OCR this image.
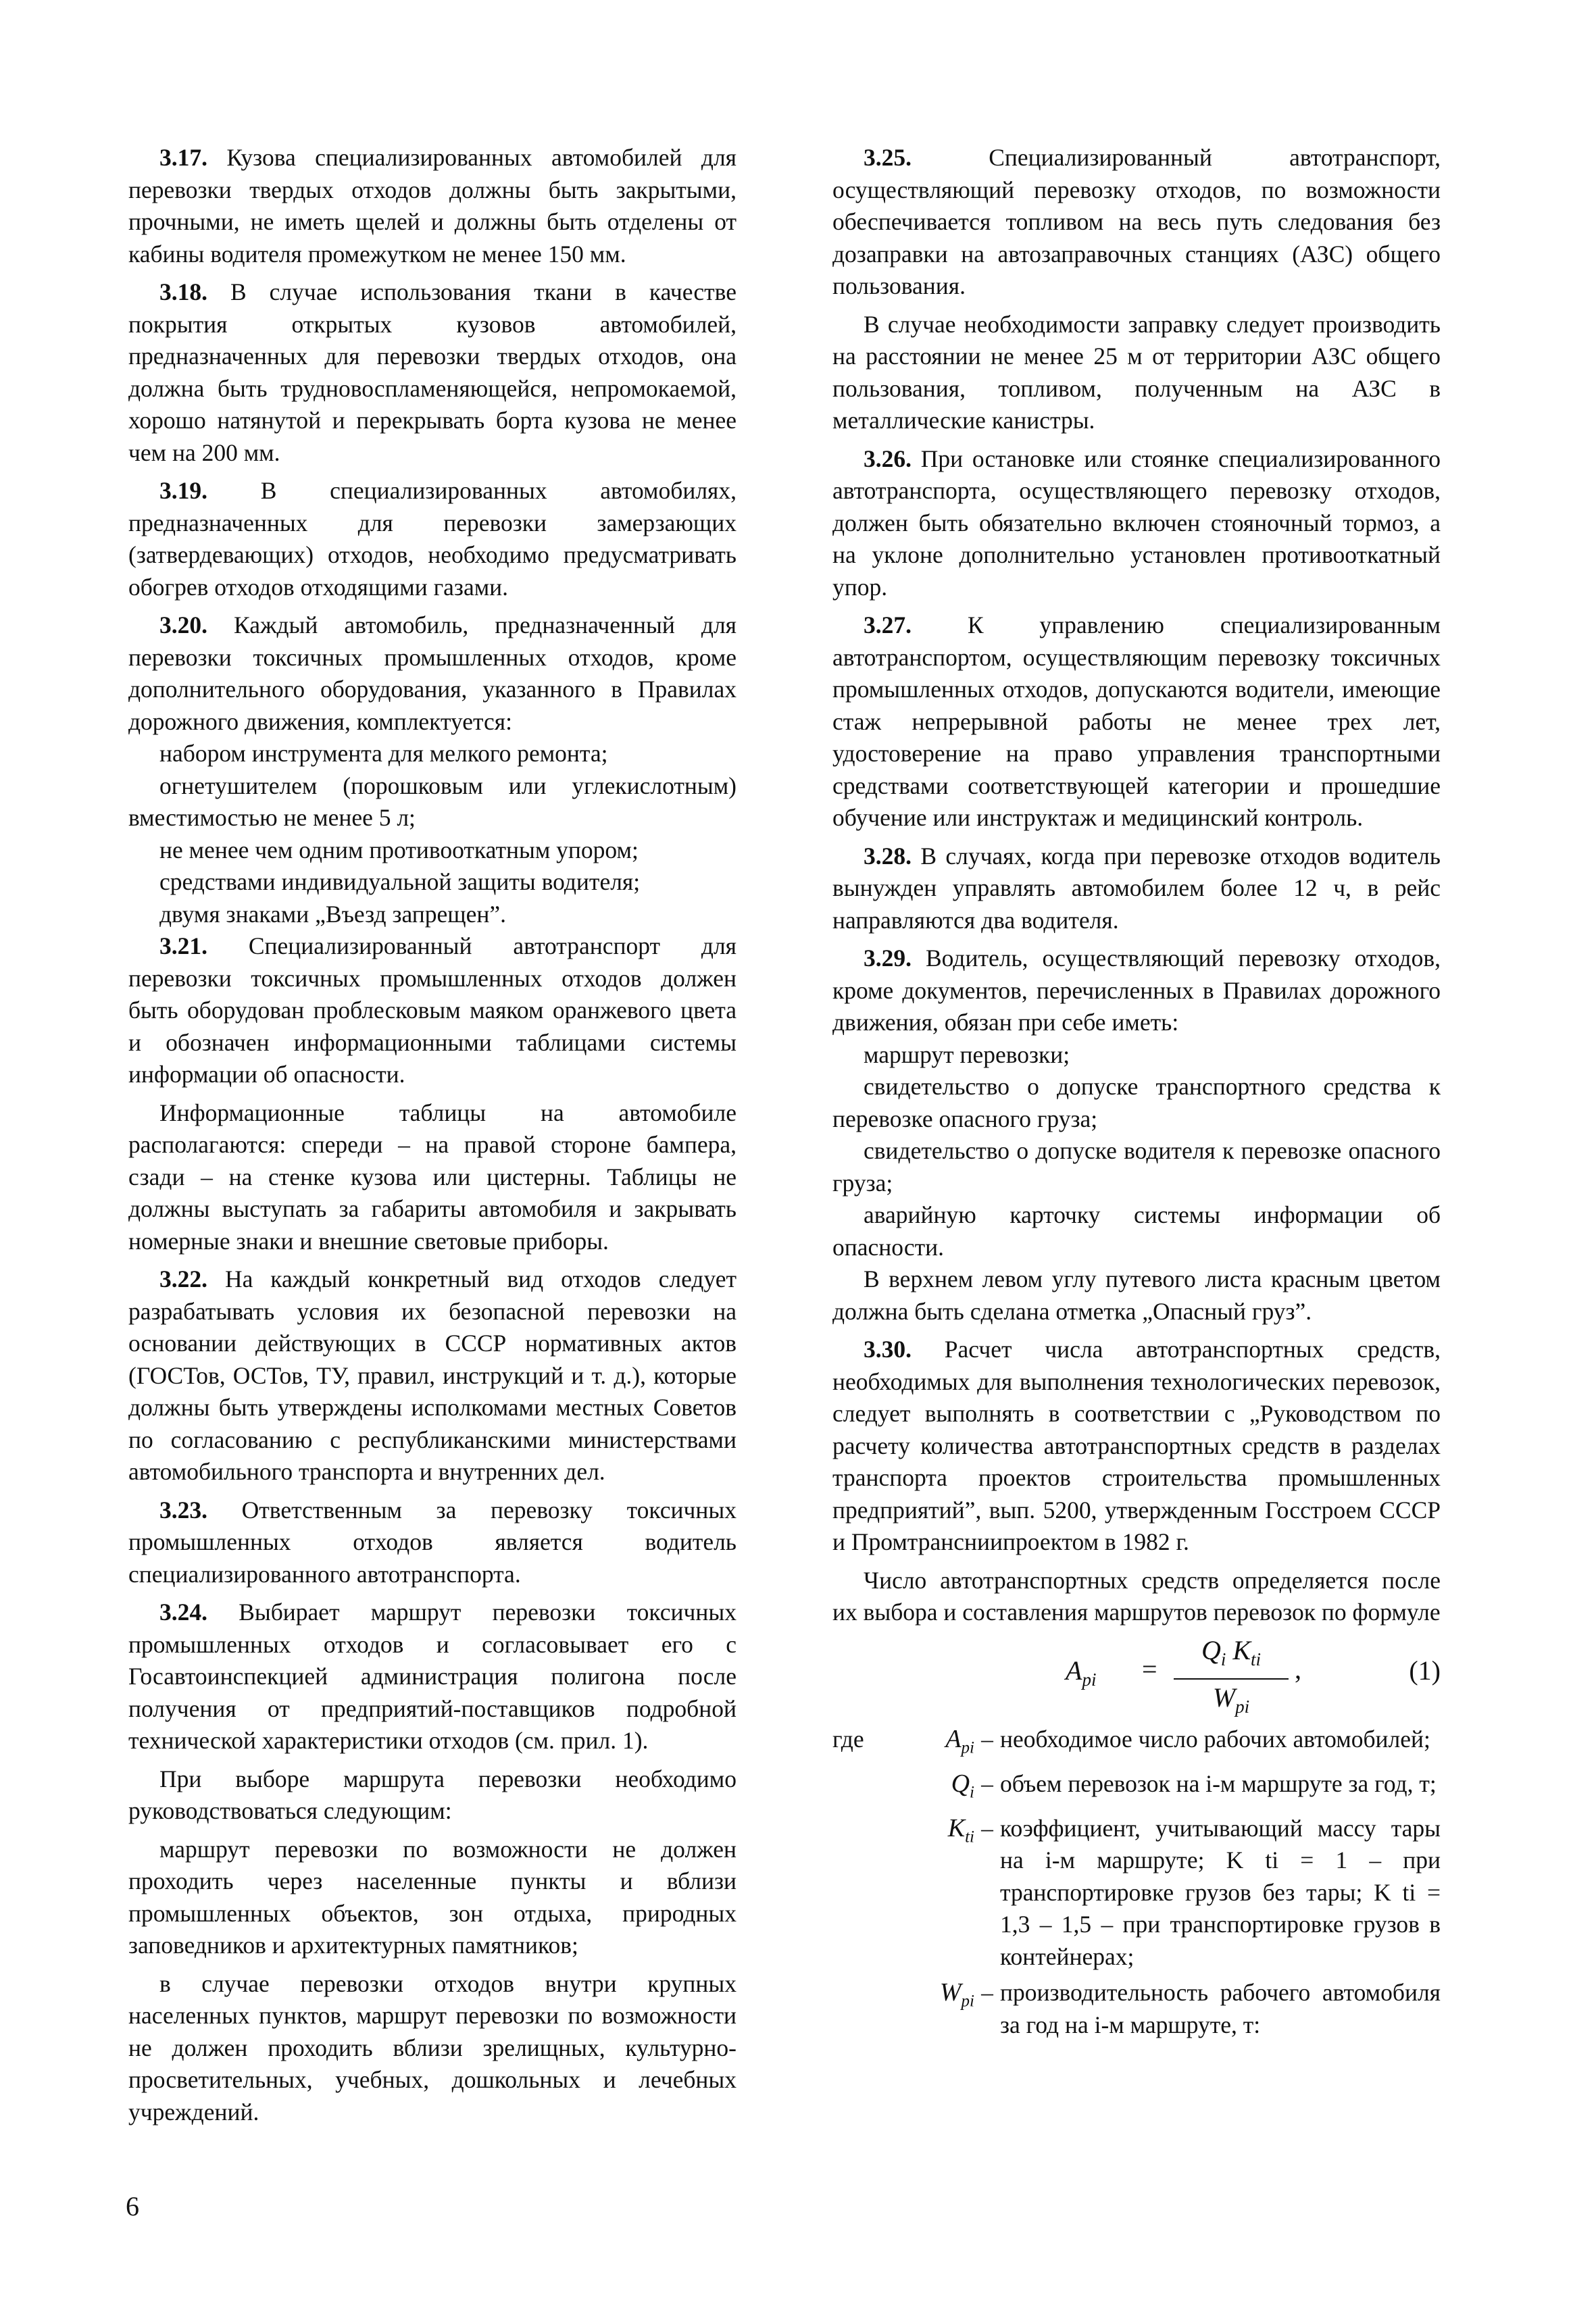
3.17. Кузова специализированных автомобилей для перевозки твердых отходов должны быть закрытыми, прочными, не иметь щелей и должны быть отделены от кабины водителя промежутком не менее 150 мм.

3.18. В случае использования ткани в качестве покрытия открытых кузовов автомобилей, предназначенных для перевозки твердых отходов, она должна быть трудновоспламеняющейся, непромокаемой, хорошо натянутой и перекрывать борта кузова не менее чем на 200 мм.

3.19. В специализированных автомобилях, предназначенных для перевозки замерзающих (затвердевающих) отходов, необходимо предусматривать обогрев отходов отходящими газами.

3.20. Каждый автомобиль, предназначенный для перевозки токсичных промышленных отходов, кроме дополнительного оборудования, указанного в Правилах дорожного движения, комплектуется:

набором инструмента для мелкого ремонта;

огнетушителем (порошковым или углекислотным) вместимостью не менее 5 л;

не менее чем одним противооткатным упором;

средствами индивидуальной защиты водителя;

двумя знаками „Въезд запрещен”.

3.21. Специализированный автотранспорт для перевозки токсичных промышленных отходов должен быть оборудован проблесковым маяком оранжевого цвета и обозначен информационными таблицами системы информации об опасности.

Информационные таблицы на автомобиле располагаются: спереди – на правой стороне бампера, сзади – на стенке кузова или цистерны. Таблицы не должны выступать за габариты автомобиля и закрывать номерные знаки и внешние световые приборы.

3.22. На каждый конкретный вид отходов следует разрабатывать условия их безопасной перевозки на основании действующих в СССР нормативных актов (ГОСТов, ОСТов, ТУ, правил, инструкций и т. д.), которые должны быть утверждены исполкомами местных Советов по согласованию с республиканскими министерствами автомобильного транспорта и внутренних дел.

3.23. Ответственным за перевозку токсичных промышленных отходов является водитель специализированного автотранспорта.

3.24. Выбирает маршрут перевозки токсичных промышленных отходов и согласовывает его с Госавтоинспекцией администрация полигона после получения от предприятий-поставщиков подробной технической характеристики отходов (см. прил. 1).

При выборе маршрута перевозки необходимо руководствоваться следующим:

маршрут перевозки по возможности не должен проходить через населенные пункты и вблизи промышленных объектов, зон отдыха, природных заповедников и архитектурных памятников;

в случае перевозки отходов внутри крупных населенных пунктов, маршрут перевозки по возможности не должен проходить вблизи зрелищных, культурно-просветительных, учебных, дошкольных и лечебных учреждений.

3.25. Специализированный автотранспорт, осуществляющий перевозку отходов, по возможности обеспечивается топливом на весь путь следования без дозаправки на автозаправочных станциях (АЗС) общего пользования.

В случае необходимости заправку следует производить на расстоянии не менее 25 м от территории АЗС общего пользования, топливом, полученным на АЗС в металлические канистры.

3.26. При остановке или стоянке специализированного автотранспорта, осуществляющего перевозку отходов, должен быть обязательно включен стояночный тормоз, а на уклоне дополнительно установлен противооткатный упор.

3.27. К управлению специализированным автотранспортом, осуществляющим перевозку токсичных промышленных отходов, допускаются водители, имеющие стаж непрерывной работы не менее трех лет, удостоверение на право управления транспортными средствами соответствующей категории и прошедшие обучение или инструктаж и медицинский контроль.

3.28. В случаях, когда при перевозке отходов водитель вынужден управлять автомобилем более 12 ч, в рейс направляются два водителя.

3.29. Водитель, осуществляющий перевозку отходов, кроме документов, перечисленных в Правилах дорожного движения, обязан при себе иметь:

маршрут перевозки;

свидетельство о допуске транспортного средства к перевозке опасного груза;

свидетельство о допуске водителя к перевозке опасного груза;

аварийную карточку системы информации об опасности.

В верхнем левом углу путевого листа красным цветом должна быть сделана отметка „Опасный груз”.

3.30. Расчет числа автотранспортных средств, необходимых для выполнения технологических перевозок, следует выполнять в соответствии с „Руководством по расчету количества автотранспортных средств в разделах транспорта проектов строительства промышленных предприятий”, вып. 5200, утвержденным Госстроем СССР и Промтрансниипроектом в 1982 г.

Число автотранспортных средств определяется после их выбора и составления маршрутов перевозок по формуле

$A_{pi}$ =
$Q_i$ $K_{ti}$
$W_{pi}$
,	(1)
где	$A_{pi}$ – необходимое число рабочих автомобилей;
$Q_i$ – объем перевозок на i-м маршруте за год, т;
$K_{ti}$ – коэффициент, учитывающий массу тары на i-м маршруте; K ti = 1 – при транспортировке грузов без тары; K ti = 1,3 – 1,5 – при транспортировке грузов в контейнерах;
$W_{pi}$ – производительность рабочего автомобиля за год на i-м маршруте, т:
6
